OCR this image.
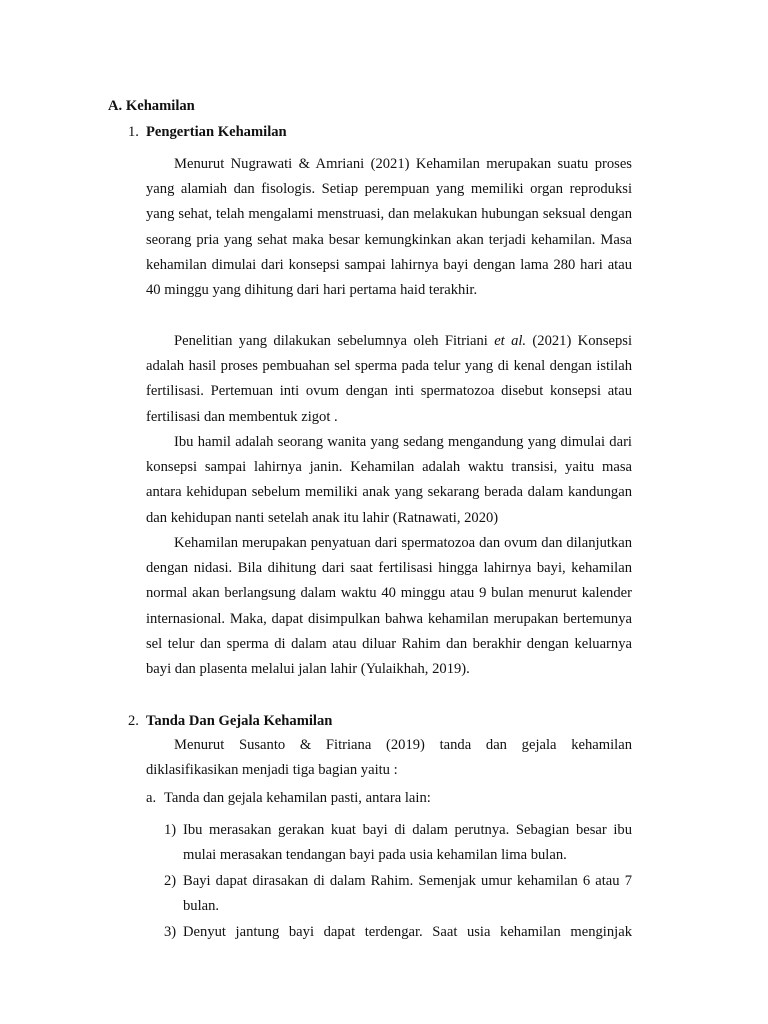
A. Kehamilan

1. Pengertian Kehamilan

Menurut Nugrawati & Amriani (2021) Kehamilan merupakan suatu proses yang alamiah dan fisologis. Setiap perempuan yang memiliki organ reproduksi yang sehat, telah mengalami menstruasi, dan melakukan hubungan seksual dengan seorang pria yang sehat maka besar kemungkinkan akan terjadi kehamilan. Masa kehamilan dimulai dari konsepsi sampai lahirnya bayi dengan lama 280 hari atau 40 minggu yang dihitung dari hari pertama haid terakhir.

Penelitian yang dilakukan sebelumnya oleh Fitriani et al. (2021) Konsepsi adalah hasil proses pembuahan sel sperma pada telur yang di kenal dengan istilah fertilisasi. Pertemuan inti ovum dengan inti spermatozoa disebut konsepsi atau fertilisasi dan membentuk zigot .

Ibu hamil adalah seorang wanita yang sedang mengandung yang dimulai dari konsepsi sampai lahirnya janin. Kehamilan adalah waktu transisi, yaitu masa antara kehidupan sebelum memiliki anak yang sekarang berada dalam kandungan dan kehidupan nanti setelah anak itu lahir (Ratnawati, 2020)

Kehamilan merupakan penyatuan dari spermatozoa dan ovum dan dilanjutkan dengan nidasi. Bila dihitung dari saat fertilisasi hingga lahirnya bayi, kehamilan normal akan berlangsung dalam waktu 40 minggu atau 9 bulan menurut kalender internasional. Maka, dapat disimpulkan bahwa kehamilan merupakan bertemunya sel telur dan sperma di dalam atau diluar Rahim dan berakhir dengan keluarnya bayi dan plasenta melalui jalan lahir (Yulaikhah, 2019).

2. Tanda Dan Gejala Kehamilan

Menurut Susanto & Fitriana (2019) tanda dan gejala kehamilan diklasifikasikan menjadi tiga bagian yaitu :

a. Tanda dan gejala kehamilan pasti, antara lain:

1) Ibu merasakan gerakan kuat bayi di dalam perutnya. Sebagian besar ibu mulai merasakan tendangan bayi pada usia kehamilan lima bulan.

2) Bayi dapat dirasakan di dalam Rahim. Semenjak umur kehamilan 6 atau 7 bulan.

3) Denyut jantung bayi dapat terdengar. Saat usia kehamilan menginjak
